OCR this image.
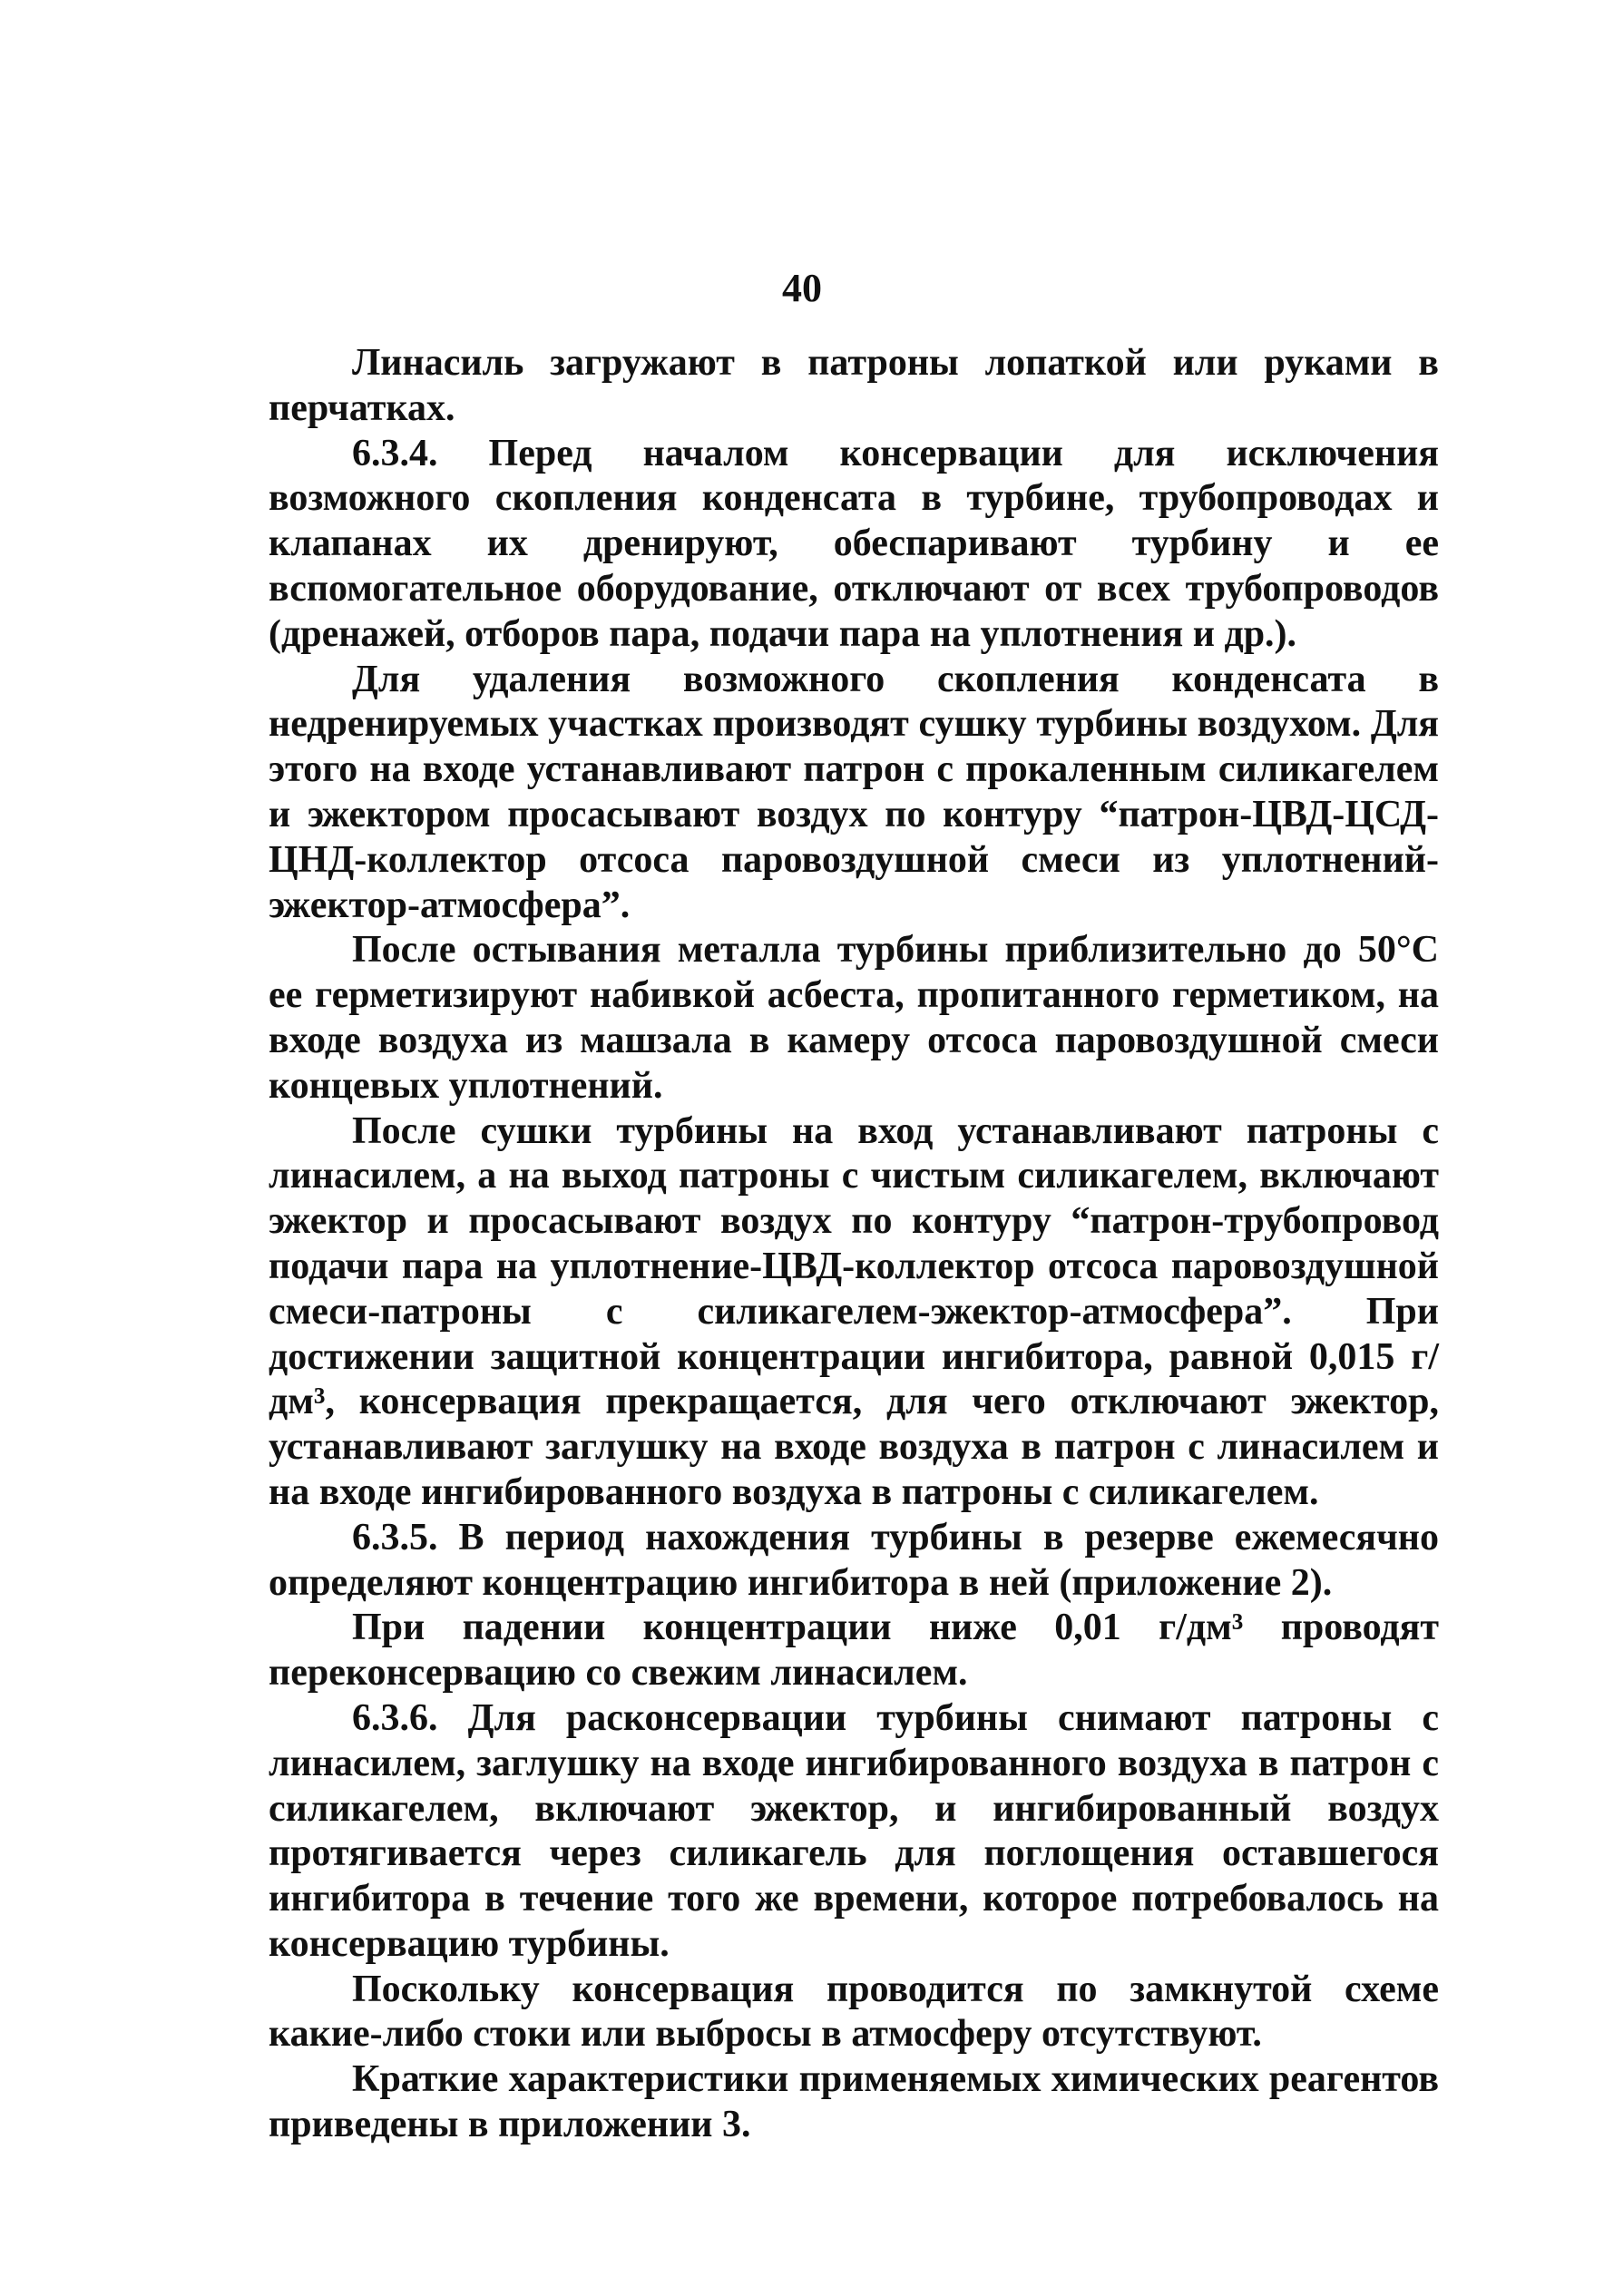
40

Линасиль загружают в патроны лопаткой или руками в перчатках.

6.3.4. Перед началом консервации для исключения возможного скопления конденсата в турбине, трубопроводах и клапанах их дренируют, обеспаривают турбину и ее вспомогательное оборудование, отключают от всех трубопроводов (дренажей, отборов пара, подачи пара на уплотнения и др.).

Для удаления возможного скопления конденсата в недренируемых участках производят сушку турбины воздухом. Для этого на входе устанавливают патрон с прокаленным силикагелем и эжектором просасывают воздух по контуру “патрон-ЦВД-ЦСД-ЦНД-коллектор отсоса паровоздушной смеси из уплотнений-эжектор-атмосфера”.

После остывания металла турбины приблизительно до 50°С ее герметизируют набивкой асбеста, пропитанного герметиком, на входе воздуха из машзала в камеру отсоса паровоздушной смеси концевых уплотнений.

После сушки турбины на вход устанавливают патроны с линасилем, а на выход патроны с чистым силикагелем, включают эжектор и просасывают воздух по контуру “патрон-трубопровод подачи пара на уплотнение-ЦВД-коллектор отсоса паровоздушной смеси-патроны с силикагелем-эжектор-атмосфера”. При достижении защитной концентрации ингибитора, равной 0,015 г/дм³, консервация прекращается, для чего отключают эжектор, устанавливают заглушку на входе воздуха в патрон с линасилем и на входе ингибированного воздуха в патроны с силикагелем.

6.3.5. В период нахождения турбины в резерве ежемесячно определяют концентрацию ингибитора в ней (приложение 2).

При падении концентрации ниже 0,01 г/дм³ проводят переконсервацию со свежим линасилем.

6.3.6. Для расконсервации турбины снимают патроны с линасилем, заглушку на входе ингибированного воздуха в патрон с силикагелем, включают эжектор, и ингибированный воздух протягивается через силикагель для поглощения оставшегося ингибитора в течение того же времени, которое потребовалось на консервацию турбины.

Поскольку консервация проводится по замкнутой схеме какие-либо стоки или выбросы в атмосферу отсутствуют.

Краткие характеристики применяемых химических реагентов приведены в приложении 3.
